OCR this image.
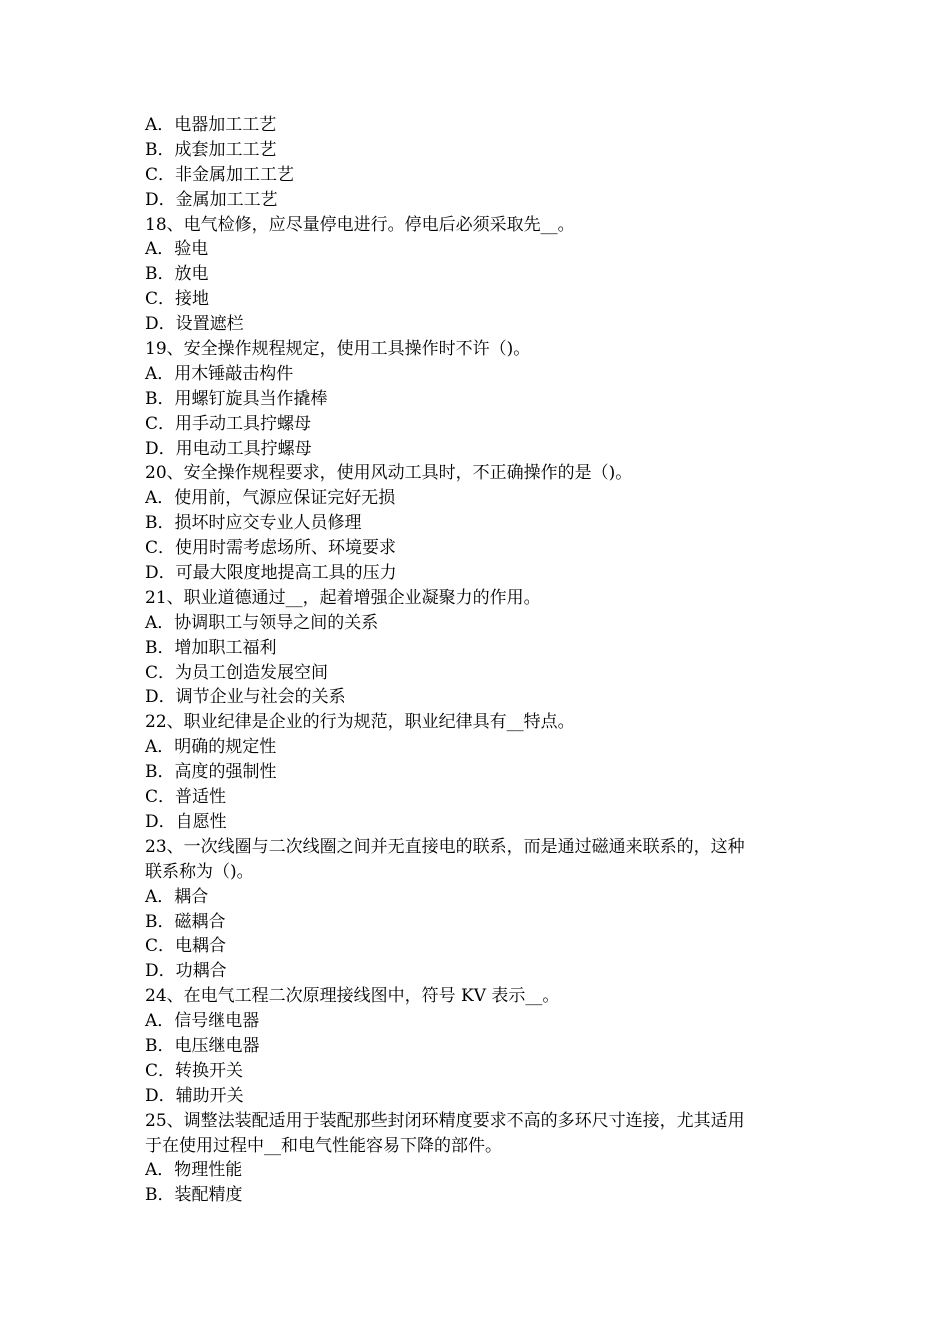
A．电器加工工艺
B．成套加工工艺
C．非金属加工工艺
D．金属加工工艺
18、电气检修，应尽量停电进行。停电后必须采取先__。
A．验电
B．放电
C．接地
D．设置遮栏
19、安全操作规程规定，使用工具操作时不许（)。
A．用木锤敲击构件
B．用螺钉旋具当作撬棒
C．用手动工具拧螺母
D．用电动工具拧螺母
20、安全操作规程要求，使用风动工具时，不正确操作的是（)。
A．使用前，气源应保证完好无损
B．损坏时应交专业人员修理
C．使用时需考虑场所、环境要求
D．可最大限度地提高工具的压力
21、职业道德通过__，起着增强企业凝聚力的作用。
A．协调职工与领导之间的关系
B．增加职工福利
C．为员工创造发展空间
D．调节企业与社会的关系
22、职业纪律是企业的行为规范，职业纪律具有__特点。
A．明确的规定性
B．高度的强制性
C．普适性
D．自愿性
23、一次线圈与二次线圈之间并无直接电的联系，而是通过磁通来联系的，这种
联系称为（)。
A．耦合
B．磁耦合
C．电耦合
D．功耦合
24、在电气工程二次原理接线图中，符号 KV 表示__。
A．信号继电器
B．电压继电器
C．转换开关
D．辅助开关
25、调整法装配适用于装配那些封闭环精度要求不高的多环尺寸连接，尤其适用
于在使用过程中__和电气性能容易下降的部件。
A．物理性能
B．装配精度
